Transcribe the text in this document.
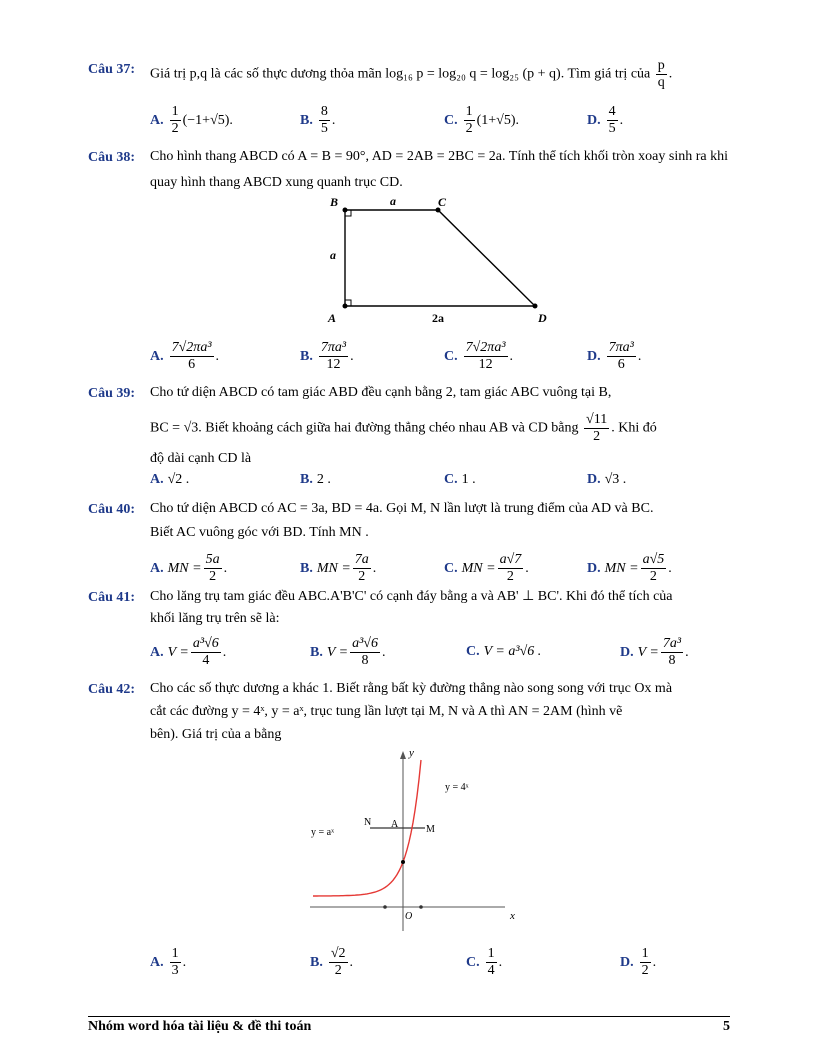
Câu 37: Giá trị p,q là các số thực dương thỏa mãn log₁₆ p = log₂₀ q = log₂₅ (p + q). Tìm giá trị của $\frac{p}{q}$ .
A. $\frac{1}{2} (-1+√5)$.	B. $\frac{8}{5}$ .	C. $\frac{1}{2} (1+√5)$.	D. $\frac{4}{5}$ .
Câu 38: Cho hình thang ABCD có A = B = 90°, AD = 2AB = 2BC = 2a. Tính thể tích khối tròn xoay sinh ra khi quay hình thang ABCD xung quanh trục CD.
B	C
A	D
a
a
2a
A. $\frac{\text{7√2πa³}}{6}$ .	B. $\frac{\text{7πa³}}{12}$ .	C. $\frac{\text{7√2πa³}}{12}$ .	D. $\frac{\text{7πa³}}{6}$ .
Câu 39: Cho tứ diện ABCD có tam giác ABD đều cạnh bằng 2, tam giác ABC vuông tại B,
BC = √3. Biết khoảng cách giữa hai đường thẳng chéo nhau AB và CD bằng $\frac{√11}{2}$ . Khi đó
độ dài cạnh CD là
A. √2 .	B. 2 .	C. 1 .	D. √3 .
Câu 40: Cho tứ diện ABCD có AC = 3a, BD = 4a. Gọi M, N lần lượt là trung điểm của AD và BC.
Biết AC vuông góc với BD. Tính MN .
A. MN = $\frac{5a}{2}$ .	B. MN = $\frac{7a}{2}$ .	C. MN = $\frac{a√7}{2}$ .	D. MN = $\frac{a√5}{2}$ .
Câu 41: Cho lăng trụ tam giác đều ABC.A'B'C' có cạnh đáy bằng a và AB' ⊥ BC'. Khi đó thể tích của
khối lăng trụ trên sẽ là:
A. $V = \frac{\text{a³√6}}{4}$ .	B. $V = \frac{\text{a³√6}}{8}$ .	C. V = a³√6 .	D. $V = \frac{\text{7a³}}{8}$ .
Câu 42: Cho các số thực dương a khác 1. Biết rằng bất kỳ đường thẳng nào song song với trục Ox mà
cắt các đường y = 4ˣ, y = aˣ, trục tung lần lượt tại M, N và A thì AN = 2AM (hình vẽ
bên). Giá trị của a bằng
y
x
O
y = 4ˣ
y = aˣ
N A	M
A. $\frac{1}{3}$ .	B. $\frac{√2}{2}$ .	C. $\frac{1}{4}$ .	D. $\frac{1}{2}$ .
Nhóm word hóa tài liệu & đề thi toán	5
